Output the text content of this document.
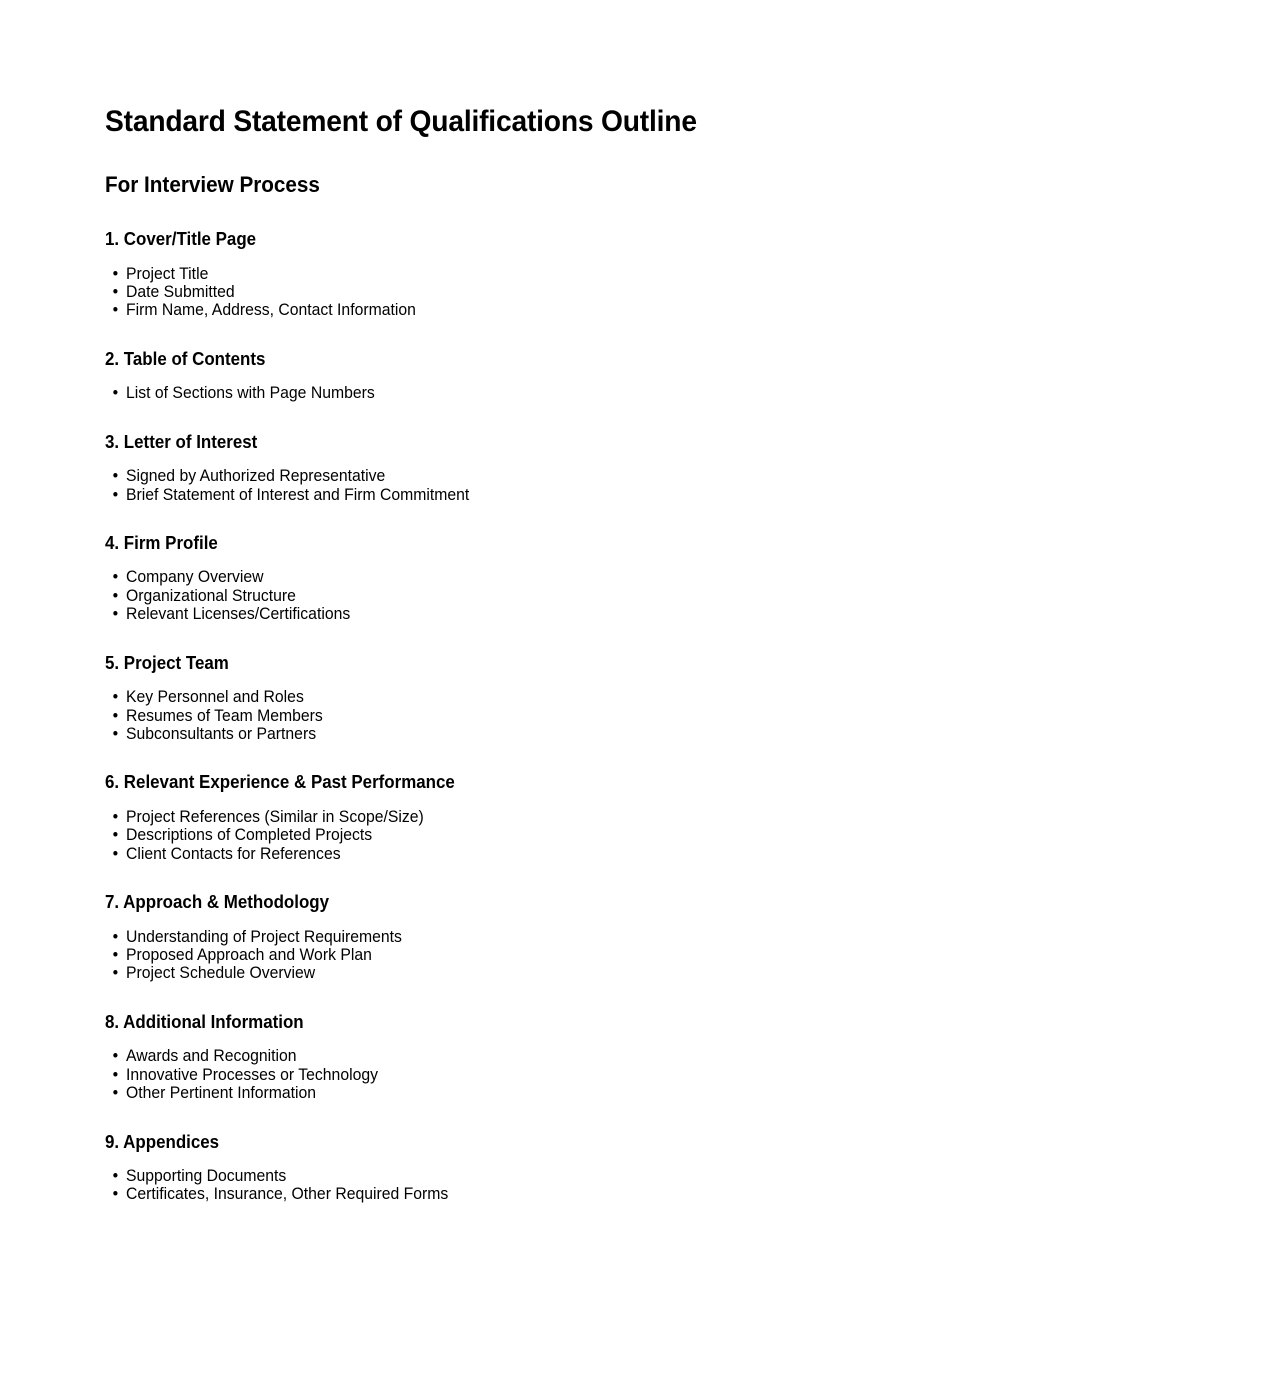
Standard Statement of Qualifications Outline
For Interview Process
1. Cover/Title Page
• Project Title
• Date Submitted
• Firm Name, Address, Contact Information
2. Table of Contents
• List of Sections with Page Numbers
3. Letter of Interest
• Signed by Authorized Representative
• Brief Statement of Interest and Firm Commitment
4. Firm Profile
• Company Overview
• Organizational Structure
• Relevant Licenses/Certifications
5. Project Team
• Key Personnel and Roles
• Resumes of Team Members
• Subconsultants or Partners
6. Relevant Experience & Past Performance
• Project References (Similar in Scope/Size)
• Descriptions of Completed Projects
• Client Contacts for References
7. Approach & Methodology
• Understanding of Project Requirements
• Proposed Approach and Work Plan
• Project Schedule Overview
8. Additional Information
• Awards and Recognition
• Innovative Processes or Technology
• Other Pertinent Information
9. Appendices
• Supporting Documents
• Certificates, Insurance, Other Required Forms
